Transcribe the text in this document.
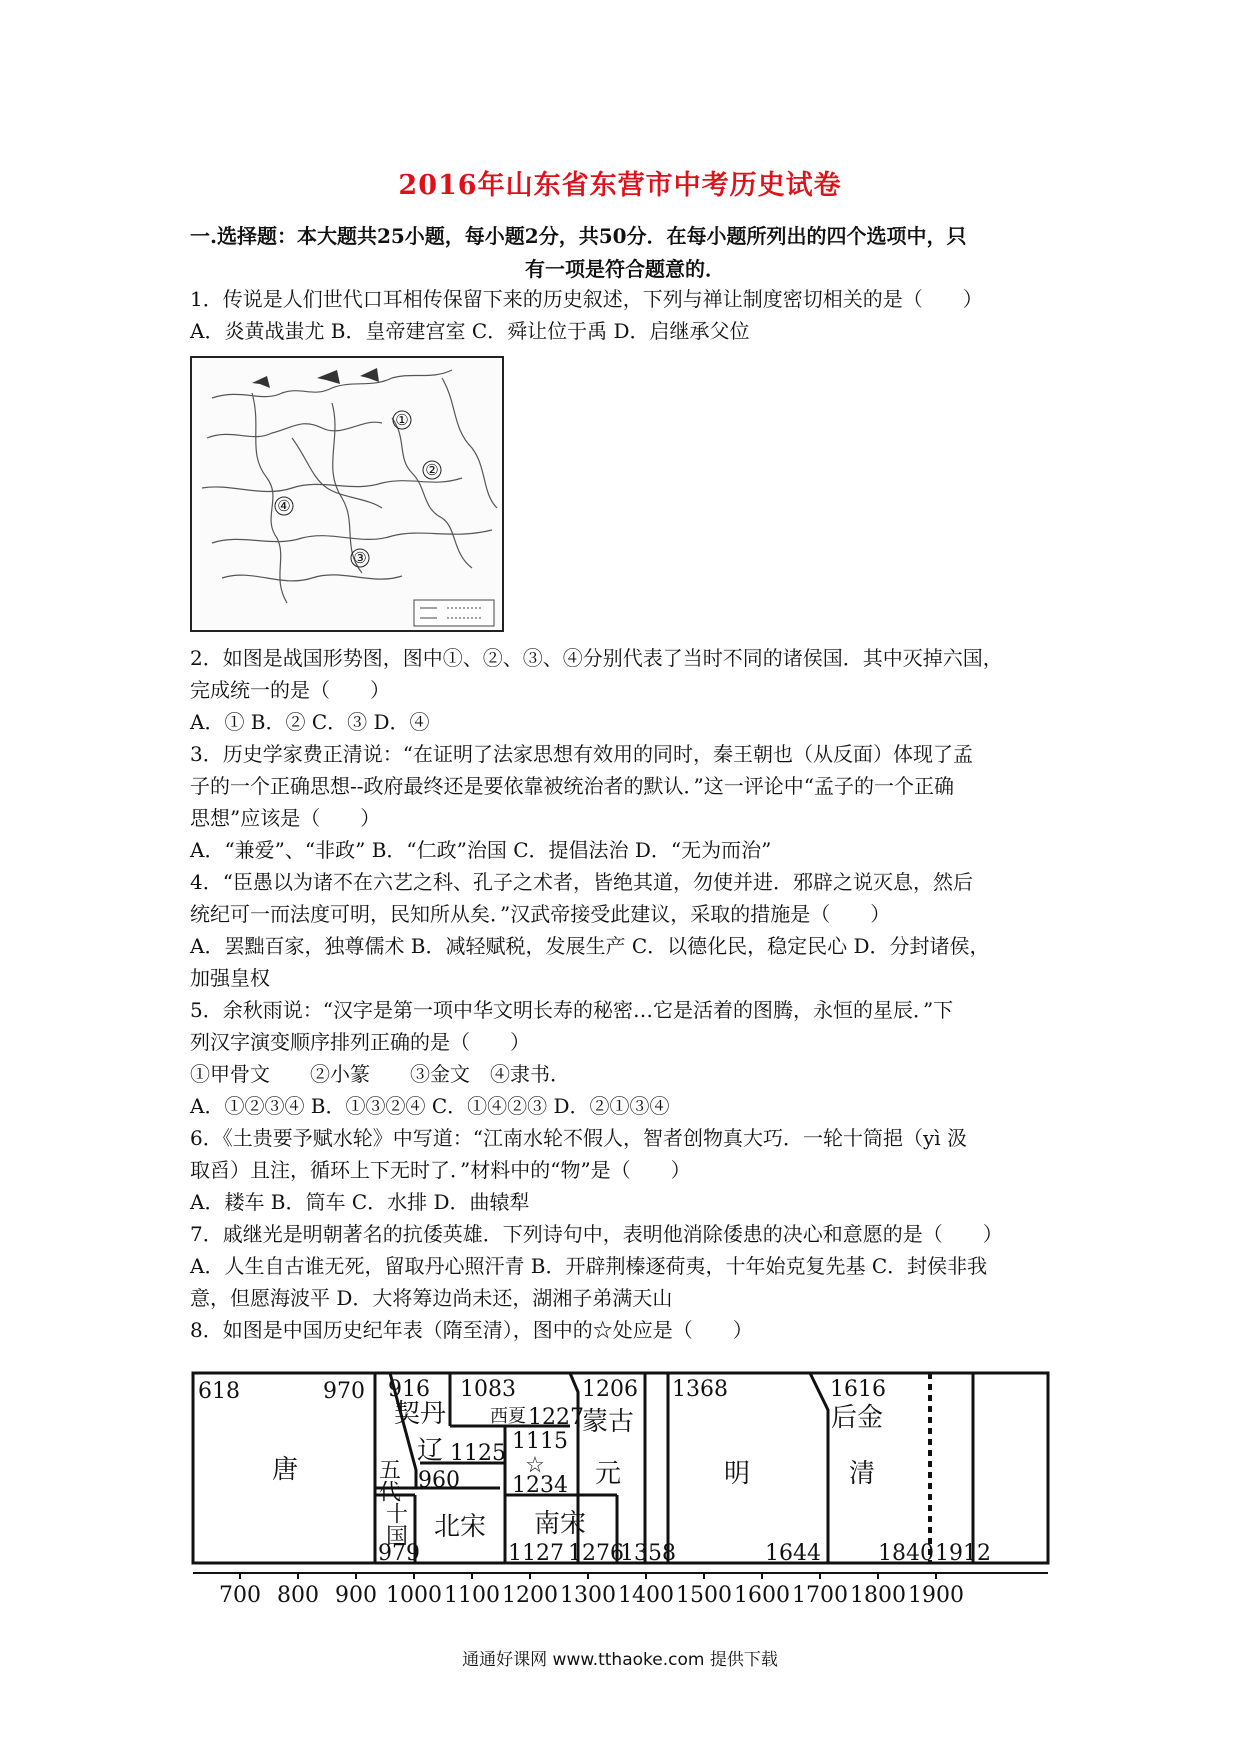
2016年山东省东营市中考历史试卷
一.选择题：本大题共25小题，每小题2分，共50分．在每小题所列出的四个选项中，只
有一项是符合题意的．
1．传说是人们世代口耳相传保留下来的历史叙述，下列与禅让制度密切相关的是（　　）
A．炎黄战蚩尤 B．皇帝建宫室 C．舜让位于禹 D．启继承父位
①
②
③
④
2．如图是战国形势图，图中①、②、③、④分别代表了当时不同的诸侯国．其中灭掉六国，
完成统一的是（　　）
A．① B．② C．③ D．④
3．历史学家费正清说：“在证明了法家思想有效用的同时，秦王朝也（从反面）体现了孟
子的一个正确思想--政府最终还是要依靠被统治者的默认．”这一评论中“孟子的一个正确
思想”应该是（　　）
A．“兼爱”、“非政” B．“仁政”治国 C．提倡法治 D．“无为而治”
4．“臣愚以为诸不在六艺之科、孔子之术者，皆绝其道，勿使并进．邪辟之说灭息，然后
统纪可一而法度可明，民知所从矣．”汉武帝接受此建议，采取的措施是（　　）
A．罢黜百家，独尊儒术 B．减轻赋税，发展生产 C．以德化民，稳定民心 D．分封诸侯，
加强皇权
5．余秋雨说：“汉字是第一项中华文明长寿的秘密…它是活着的图腾，永恒的星辰．”下
列汉字演变顺序排列正确的是（　　）
①甲骨文　　②小篆　　③金文　④隶书．
A．①②③④ B．①③②④ C．①④②③ D．②①③④
6．《土贵要予赋水轮》中写道：“江南水轮不假人，智者创物真大巧．一轮十筒挹（yì 汲
取舀）且注，循环上下无时了．”材料中的“物”是（　　）
A．耧车 B．筒车 C．水排 D．曲辕犁
7．戚继光是明朝著名的抗倭英雄．下列诗句中，表明他消除倭患的决心和意愿的是（　　）
A．人生自古谁无死，留取丹心照汗青 B．开辟荆榛逐荷夷，十年始克复先基 C．封侯非我
意，但愿海波平 D．大将筹边尚未还，湖湘子弟满天山
8．如图是中国历史纪年表（隋至清），图中的☆处应是（　　）
618	970 916 1083	1206
1227
1115
1125
1234
960
979	1127 1276
1358
1368	1616
1644	1840 1912
唐
契丹
辽
蒙古
元
北宋 南宋
明
后金
清
西夏
☆
五代
十国
700 800 900 1000 1100 1200 1300 1400 1500 1600 1700 1800 1900
通通好课网 www.tthaoke.com 提供下载
